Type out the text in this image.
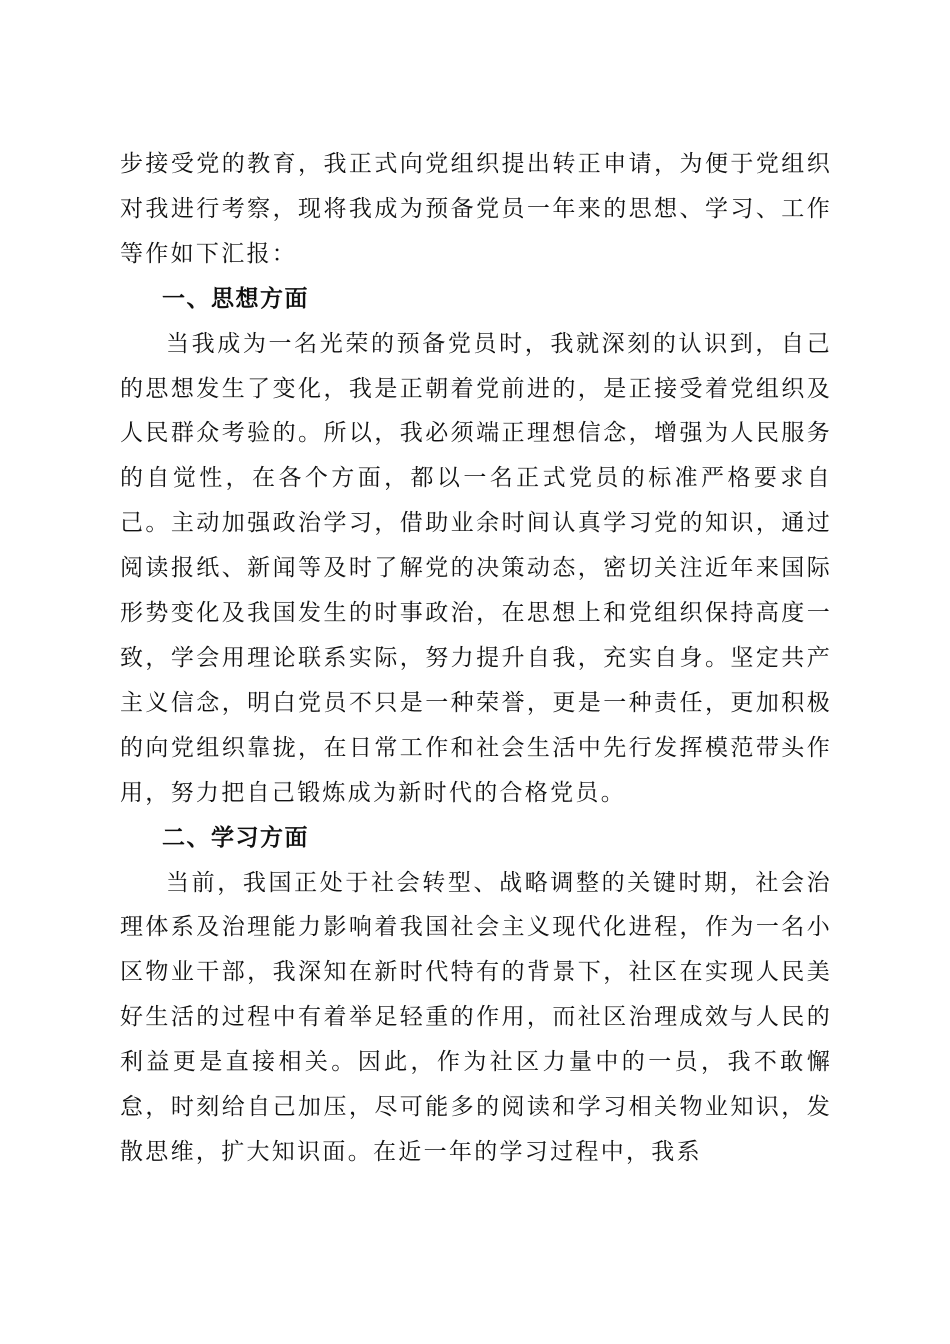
步接受党的教育，我正式向党组织提出转正申请，为便于党组织对我进行考察，现将我成为预备党员一年来的思想、学习、工作等作如下汇报：

一、思想方面

当我成为一名光荣的预备党员时，我就深刻的认识到，自己的思想发生了变化，我是正朝着党前进的，是正接受着党组织及人民群众考验的。所以，我必须端正理想信念，增强为人民服务的自觉性，在各个方面，都以一名正式党员的标准严格要求自己。主动加强政治学习，借助业余时间认真学习党的知识，通过阅读报纸、新闻等及时了解党的决策动态，密切关注近年来国际形势变化及我国发生的时事政治，在思想上和党组织保持高度一致，学会用理论联系实际，努力提升自我，充实自身。坚定共产主义信念，明白党员不只是一种荣誉，更是一种责任，更加积极的向党组织靠拢，在日常工作和社会生活中先行发挥模范带头作用，努力把自己锻炼成为新时代的合格党员。

二、学习方面

当前，我国正处于社会转型、战略调整的关键时期，社会治理体系及治理能力影响着我国社会主义现代化进程，作为一名小区物业干部，我深知在新时代特有的背景下，社区在实现人民美好生活的过程中有着举足轻重的作用，而社区治理成效与人民的利益更是直接相关。因此，作为社区力量中的一员，我不敢懈怠，时刻给自己加压，尽可能多的阅读和学习相关物业知识，发散思维，扩大知识面。在近一年的学习过程中，我系
